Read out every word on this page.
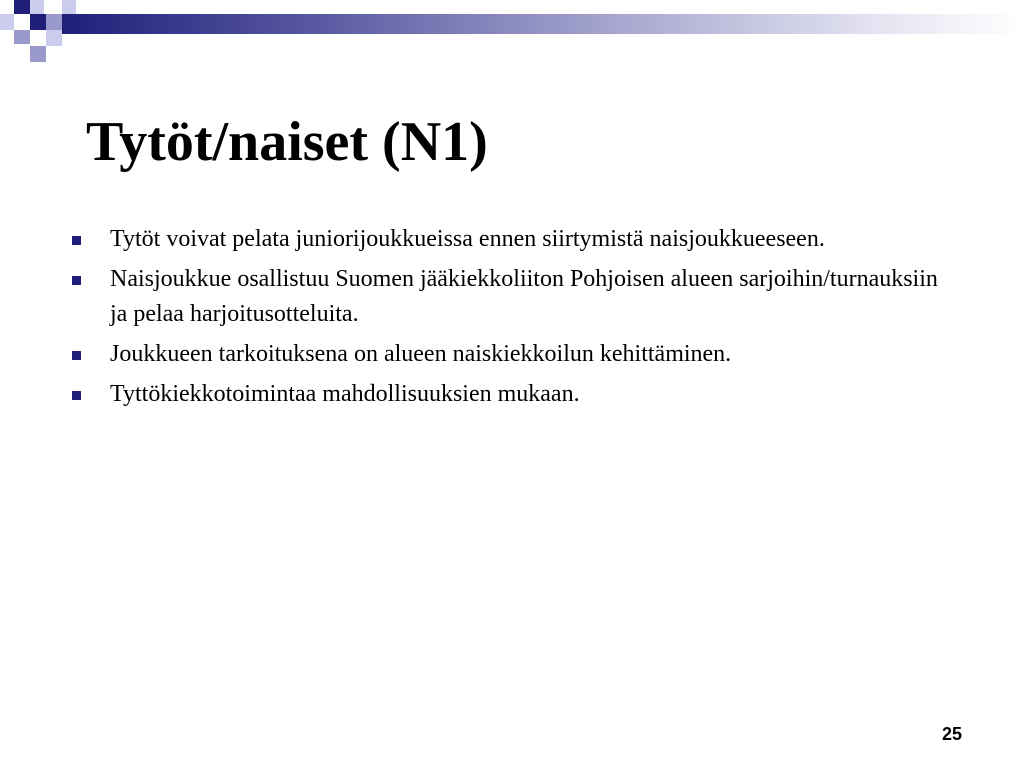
Tytöt/naiset (N1)
Tytöt voivat pelata juniorijoukkueissa ennen siirtymistä naisjoukkueeseen.
Naisjoukkue osallistuu Suomen jääkiekkoliiton Pohjoisen alueen sarjoihin/turnauksiin ja pelaa harjoitusotteluita.
Joukkueen tarkoituksena on alueen naiskiekkoilun kehittäminen.
Tyttökiekkotoimintaa mahdollisuuksien mukaan.
25
